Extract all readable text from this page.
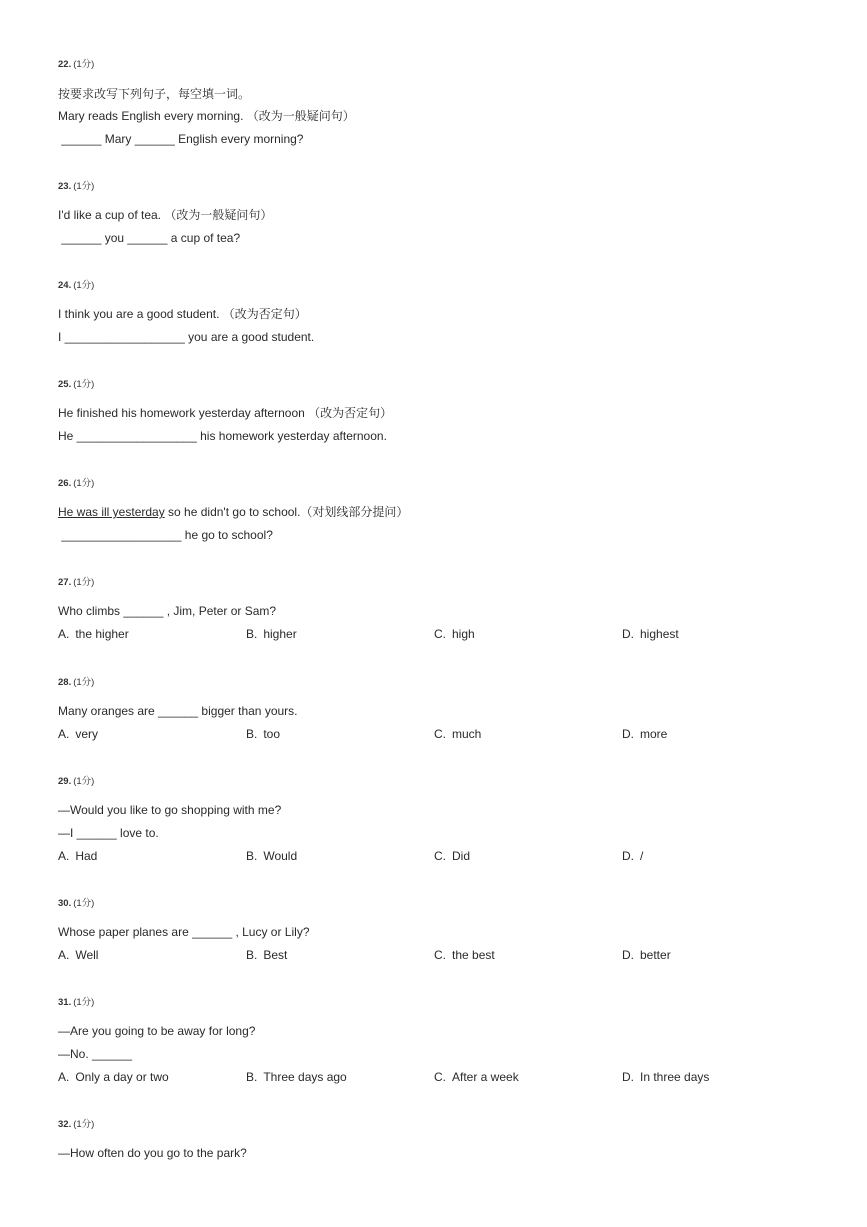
22. (1分)
按要求改写下列句子，每空填一词。
Mary reads English every morning. （改为一般疑问句）
______ Mary ______ English every morning?
23. (1分)
I'd like a cup of tea. （改为一般疑问句）
______ you ______ a cup of tea?
24. (1分)
I think you are a good student. （改为否定句）
I __________________ you are a good student.
25. (1分)
He finished his homework yesterday afternoon （改为否定句）
He __________________ his homework yesterday afternoon.
26. (1分)
He was ill yesterday so he didn't go to school.（对划线部分提问）
__________________ he go to school?
27. (1分)
Who climbs ______ , Jim, Peter or Sam?
A. the higher	B. higher	C. high	D. highest
28. (1分)
Many oranges are ______ bigger than yours.
A. very	B. too	C. much	D. more
29. (1分)
—Would you like to go shopping with me?
—I ______ love to.
A. Had	B. Would	C. Did	D. /
30. (1分)
Whose paper planes are ______ , Lucy or Lily?
A. Well	B. Best	C. the best	D. better
31. (1分)
—Are you going to be away for long?
—No. ______
A. Only a day or two	B. Three days ago	C. After a week	D. In three days
32. (1分)
—How often do you go to the park?
